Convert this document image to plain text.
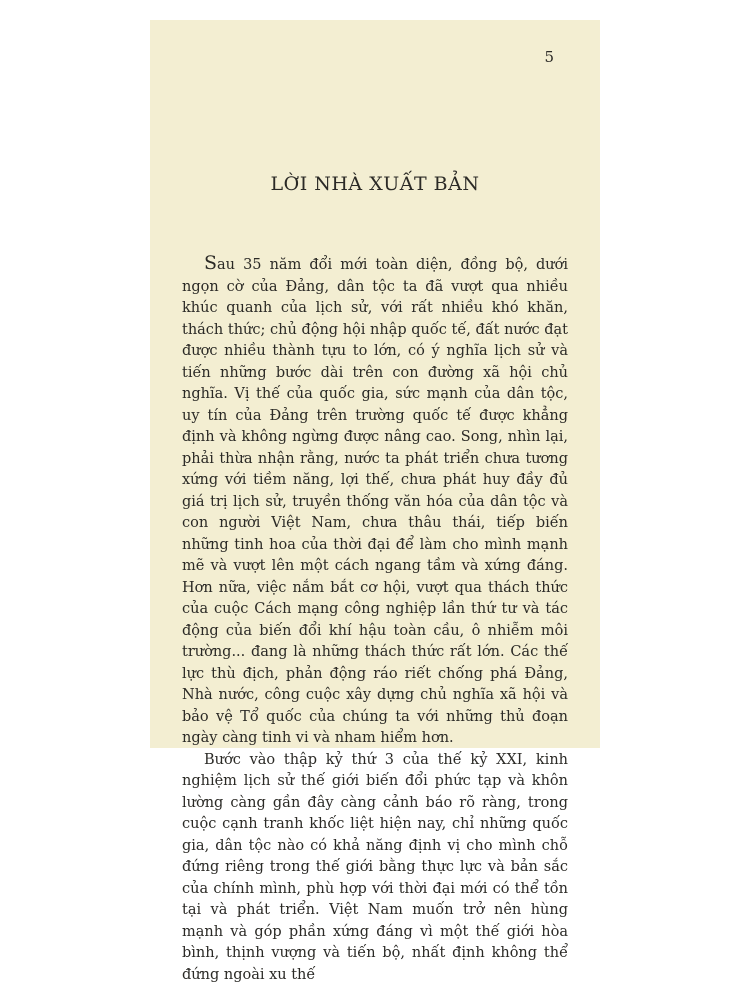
5
LỜI NHÀ XUẤT BẢN

Sau 35 năm đổi mới toàn diện, đồng bộ, dưới ngọn cờ của Đảng, dân tộc ta đã vượt qua nhiều khúc quanh của lịch sử, với rất nhiều khó khăn, thách thức; chủ động hội nhập quốc tế, đất nước đạt được nhiều thành tựu to lớn, có ý nghĩa lịch sử và tiến những bước dài trên con đường xã hội chủ nghĩa. Vị thế của quốc gia, sức mạnh của dân tộc, uy tín của Đảng trên trường quốc tế được khẳng định và không ngừng được nâng cao. Song, nhìn lại, phải thừa nhận rằng, nước ta phát triển chưa tương xứng với tiềm năng, lợi thế, chưa phát huy đầy đủ giá trị lịch sử, truyền thống văn hóa của dân tộc và con người Việt Nam, chưa thâu thái, tiếp biến những tinh hoa của thời đại để làm cho mình mạnh mẽ và vượt lên một cách ngang tầm và xứng đáng. Hơn nữa, việc nắm bắt cơ hội, vượt qua thách thức của cuộc Cách mạng công nghiệp lần thứ tư và tác động của biến đổi khí hậu toàn cầu, ô nhiễm môi trường... đang là những thách thức rất lớn. Các thế lực thù địch, phản động ráo riết chống phá Đảng, Nhà nước, công cuộc xây dựng chủ nghĩa xã hội và bảo vệ Tổ quốc của chúng ta với những thủ đoạn ngày càng tinh vi và nham hiểm hơn.

Bước vào thập kỷ thứ 3 của thế kỷ XXI, kinh nghiệm lịch sử thế giới biến đổi phức tạp và khôn lường càng gần đây càng cảnh báo rõ ràng, trong cuộc cạnh tranh khốc liệt hiện nay, chỉ những quốc gia, dân tộc nào có khả năng định vị cho mình chỗ đứng riêng trong thế giới bằng thực lực và bản sắc của chính mình, phù hợp với thời đại mới có thể tồn tại và phát triển. Việt Nam muốn trở nên hùng mạnh và góp phần xứng đáng vì một thế giới hòa bình, thịnh vượng và tiến bộ, nhất định không thể đứng ngoài xu thế
